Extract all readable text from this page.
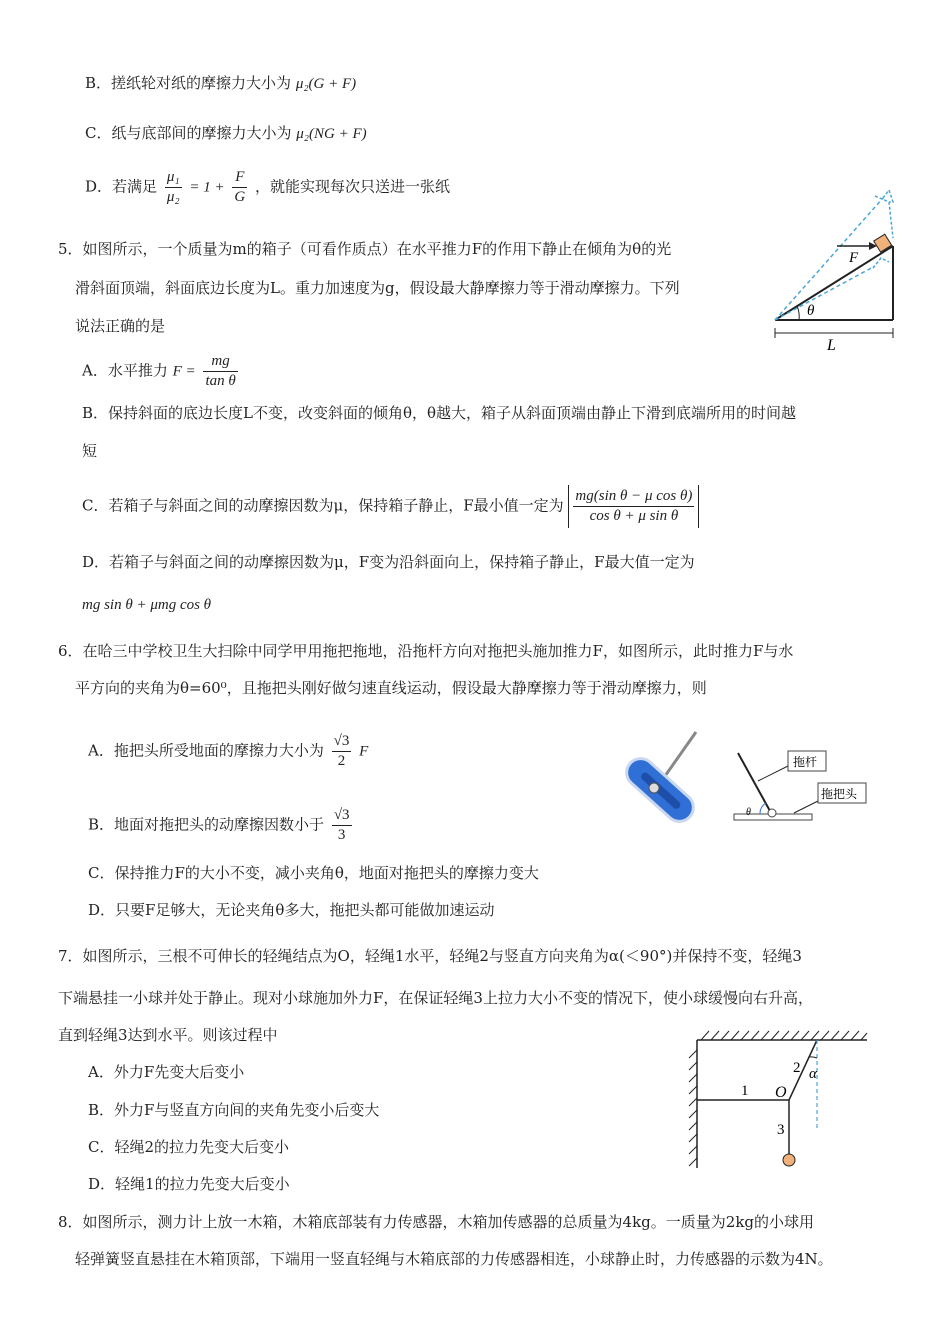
B．搓纸轮对纸的摩擦力大小为 μ₂(G + F)
C．纸与底部间的摩擦力大小为 μ₂(NG + F)
D．若满足 $\frac{\text{μ₁}}{\text{μ₂}} = 1 + \frac{F}{G}$ ，就能实现每次只送进一张纸
5．如图所示，一个质量为m的箱子（可看作质点）在水平推力F的作用下静止在倾角为θ的光
滑斜面顶端，斜面底边长度为L。重力加速度为g，假设最大静摩擦力等于滑动摩擦力。下列
说法正确的是
A．水平推力 $F = \frac{mg}{\text{tan θ}}$
B．保持斜面的底边长度L不变，改变斜面的倾角θ，θ越大，箱子从斜面顶端由静止下滑到底端所用的时间越
短
C．若箱子与斜面之间的动摩擦因数为μ，保持箱子静止，F最小值一定为 $\frac{\text{mg(sin θ − μ cos θ)}}{\text{cos θ + μ sin θ}}$
D．若箱子与斜面之间的动摩擦因数为μ，F变为沿斜面向上，保持箱子静止，F最大值一定为
mg sin θ + μmg cos θ
F
θ
L
6．在哈三中学校卫生大扫除中同学甲用拖把拖地，沿拖杆方向对拖把头施加推力F，如图所示，此时推力F与水
平方向的夹角为θ=60⁰，且拖把头刚好做匀速直线运动，假设最大静摩擦力等于滑动摩擦力，则
A．拖把头所受地面的摩擦力大小为 $\frac{√3}{2}$ F
B．地面对拖把头的动摩擦因数小于 $\frac{√3}{3}$
C．保持推力F的大小不变，减小夹角θ，地面对拖把头的摩擦力变大
D．只要F足够大，无论夹角θ多大，拖把头都可能做加速运动
θ
拖杆
拖把头
7．如图所示，三根不可伸长的轻绳结点为O，轻绳1水平，轻绳2与竖直方向夹角为α(＜90°)并保持不变，轻绳3
下端悬挂一小球并处于静止。现对小球施加外力F，在保证轻绳3上拉力大小不变的情况下，使小球缓慢向右升高，
直到轻绳3达到水平。则该过程中
A．外力F先变大后变小
B．外力F与竖直方向间的夹角先变小后变大
C．轻绳2的拉力先变大后变小
D．轻绳1的拉力先变大后变小
1
2
3
O
α
8．如图所示，测力计上放一木箱，木箱底部装有力传感器，木箱加传感器的总质量为4kg。一质量为2kg的小球用
轻弹簧竖直悬挂在木箱顶部，下端用一竖直轻绳与木箱底部的力传感器相连，小球静止时，力传感器的示数为4N。
